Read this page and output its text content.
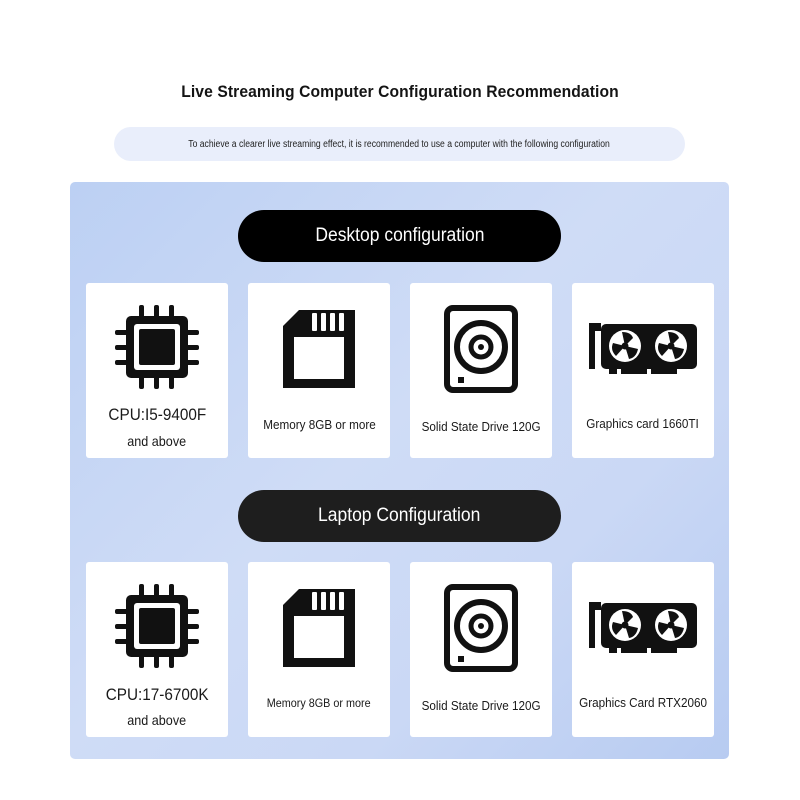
Live Streaming Computer Configuration Recommendation
To achieve a clearer live streaming effect, it is recommended to use a computer with the following configuration
Desktop configuration
CPU:I5-9400F
and above
Memory 8GB or more	Solid State Drive 120G	Graphics card 1660TI
Laptop Configuration
CPU:17-6700K
and above
Memory 8GB or more	Solid State Drive 120G	Graphics Card RTX2060
